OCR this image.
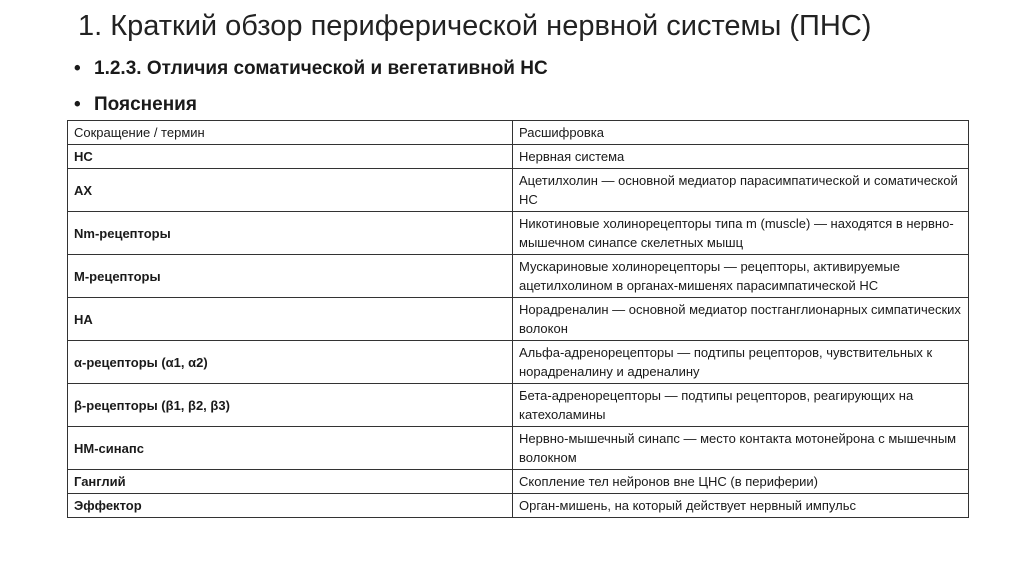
1. Краткий обзор периферической нервной системы (ПНС)
• 1.2.3. Отличия соматической и вегетативной НС
• Пояснения
Сокращение / термин	Расшифровка
НС	Нервная система
АХ	Ацетилхолин — основной медиатор парасимпатической и соматической НС
Nm-рецепторы	Никотиновые холинорецепторы типа m (muscle) — находятся в нервно-мышечном синапсе скелетных мышц
М-рецепторы	Мускариновые холинорецепторы — рецепторы, активируемые ацетилхолином в органах-мишенях парасимпатической НС
НА	Норадреналин — основной медиатор постганглионарных симпатических волокон
α-рецепторы (α1, α2)	Альфа-адренорецепторы — подтипы рецепторов, чувствительных к норадреналину и адреналину
β-рецепторы (β1, β2, β3)	Бета-адренорецепторы — подтипы рецепторов, реагирующих на катехоламины
НМ-синапс	Нервно-мышечный синапс — место контакта мотонейрона с мышечным волокном
Ганглий	Скопление тел нейронов вне ЦНС (в периферии)
Эффектор	Орган-мишень, на который действует нервный импульс
